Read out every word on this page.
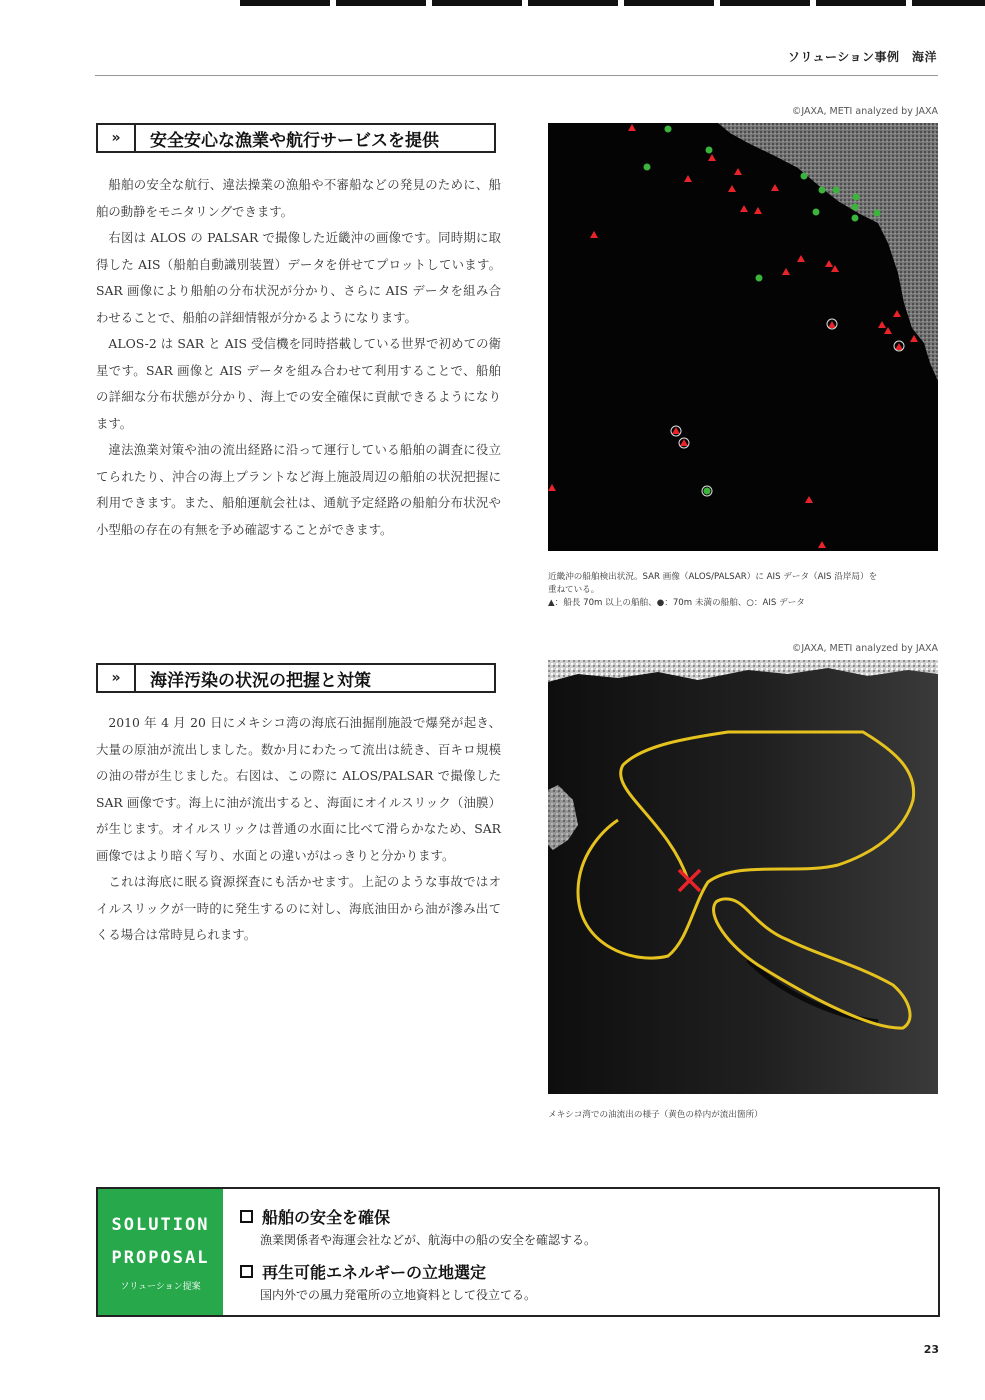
ソリューション事例　海洋
»	安全安心な漁業や航行サービスを提供

船舶の安全な航行、違法操業の漁船や不審船などの発見のために、船舶の動静をモニタリングできます。

右図は ALOS の PALSAR で撮像した近畿沖の画像です。同時期に取得した AIS（船舶自動識別装置）データを併せてプロットしています。SAR 画像により船舶の分布状況が分かり、さらに AIS データを組み合わせることで、船舶の詳細情報が分かるようになります。

ALOS-2 は SAR と AIS 受信機を同時搭載している世界で初めての衛星です。SAR 画像と AIS データを組み合わせて利用することで、船舶の詳細な分布状態が分かり、海上での安全確保に貢献できるようになります。

違法漁業対策や油の流出経路に沿って運行している船舶の調査に役立てられたり、沖合の海上プラントなど海上施設周辺の船舶の状況把握に利用できます。また、船舶運航会社は、通航予定経路の船舶分布状況や小型船の存在の有無を予め確認することができます。

©JAXA, METI analyzed by JAXA
近畿沖の船舶検出状況。SAR 画像（ALOS/PALSAR）に AIS データ（AIS 沿岸局）を
重ねている。
▲：船長 70m 以上の船舶、●：70m 未満の船舶、○：AIS データ
»	海洋汚染の状況の把握と対策

2010 年 4 月 20 日にメキシコ湾の海底石油掘削施設で爆発が起き、大量の原油が流出しました。数か月にわたって流出は続き、百キロ規模の油の帯が生じました。右図は、この際に ALOS/PALSAR で撮像した SAR 画像です。海上に油が流出すると、海面にオイルスリック（油膜）が生じます。オイルスリックは普通の水面に比べて滑らかなため、SAR 画像ではより暗く写り、水面との違いがはっきりと分かります。

これは海底に眠る資源探査にも活かせます。上記のような事故ではオイルスリックが一時的に発生するのに対し、海底油田から油が滲み出てくる場合は常時見られます。

©JAXA, METI analyzed by JAXA
メキシコ湾での油流出の様子（黄色の枠内が流出箇所）
SOLUTION
PROPOSAL
ソリューション提案
船舶の安全を確保
漁業関係者や海運会社などが、航海中の船の安全を確認する。
再生可能エネルギーの立地選定
国内外での風力発電所の立地資料として役立てる。
23
